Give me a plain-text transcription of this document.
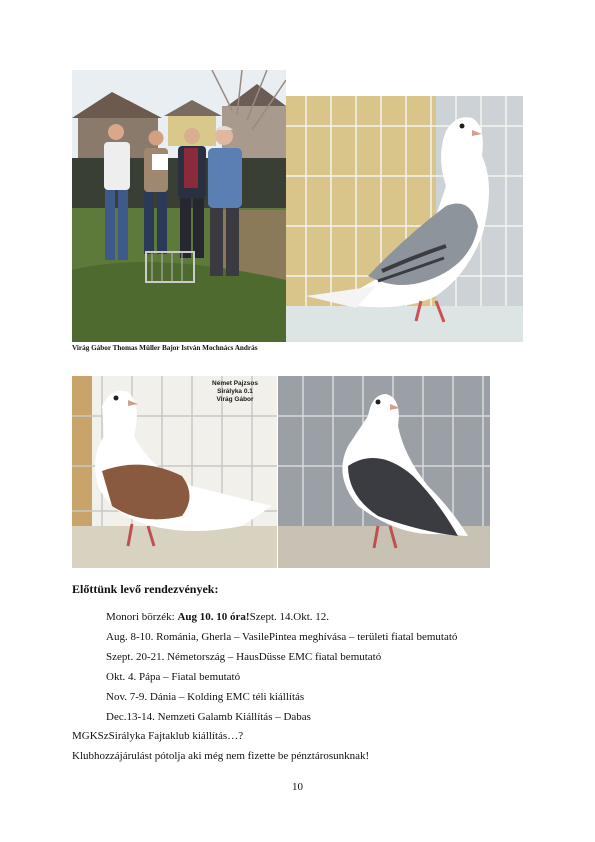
Virág Gábor Thomas Müller Bajor István Mochnács András
Német Pajzsos
Sirályka 0.1
Virág Gábor
Előttünk levő rendezvények:
Monori börzék: Aug 10. 10 óra!Szept. 14.Okt. 12.
Aug. 8-10. Románia, Gherla – VasilePintea meghívása – területi fiatal bemutató
Szept. 20-21. Németország – HausDüsse EMC fiatal bemutató
Okt. 4. Pápa – Fiatal bemutató
Nov. 7-9. Dánia – Kolding EMC téli kiállítás
Dec.13-14. Nemzeti Galamb Kiállítás – Dabas
MGKSzSirályka Fajtaklub kiállítás…?
Klubhozzájárulást pótolja aki még nem fizette be pénztárosunknak!
10
